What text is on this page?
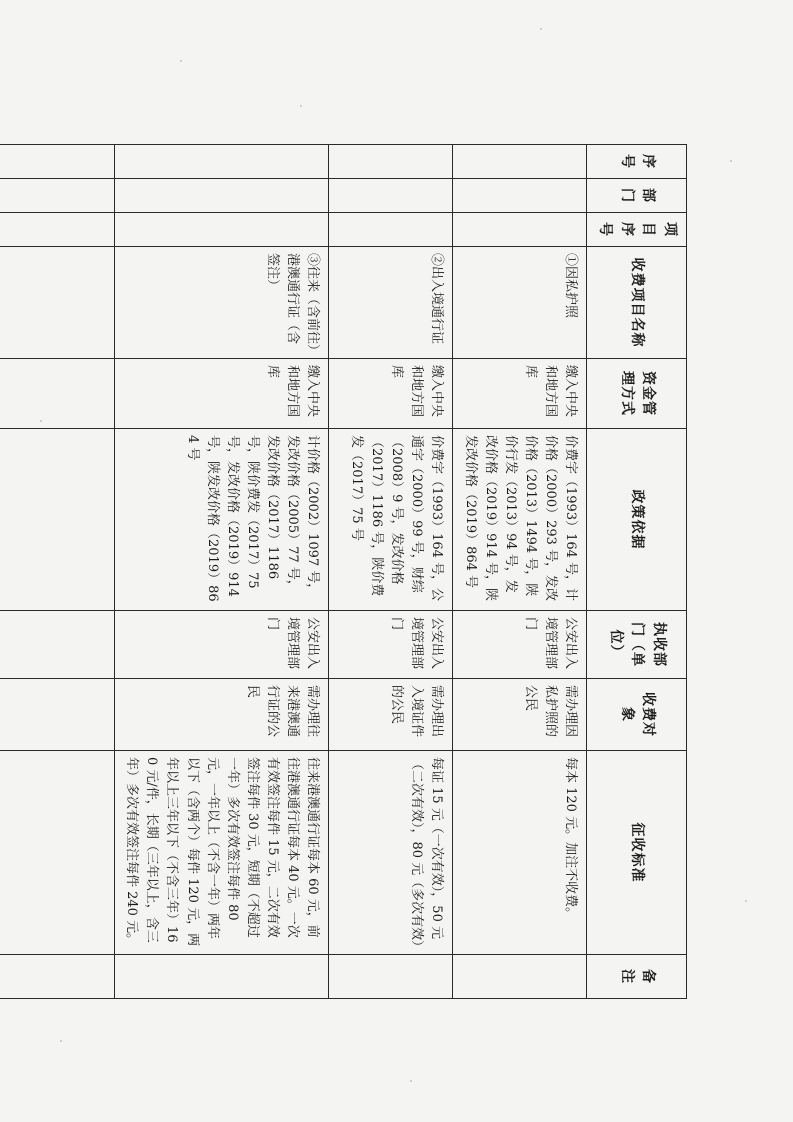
序号	部门	项目序号	收费项目名称	资金管理方式	政策依据	执收部门（单位）	收费对象	征收标准	备 注
			①因私护照	缴入中央和地方国库	价费字（1993）164 号，计价格（2000）293 号，发改价格（2013）1494 号，陕价行发（2013）94 号，发改价格（2019）914 号，陕发改价格（2019）864 号	公安出入境管理部门	需办理因私护照的公民	每本 120 元。加注不收费。	
			②出入境通行证	缴入中央和地方国库	价费字（1993）164 号，公通字（2000）99 号，财综（2008）9 号，发改价格（2017）1186 号，陕价费发（2017）75 号	公安出入境管理部门	需办理出入境证件的公民	每证 15 元（一次有效），50 元（二次有效），80 元（多次有效）	
			③往来（含前往）港澳通行证（含签注）	缴入中央和地方国库	计价格（2002）1097 号，发改价格（2005）77 号，发改价格（2017）1186 号，陕价费发（2017）75 号，发改价格（2019）914 号，陕发改价格（2019）864 号	公安出入境管理部门	需办理往来港澳通行证的公民	往来港澳通行证每本 60 元，前往港澳通行证每本 40 元。一次有效签注每件 15 元，二次有效签注每件 30 元，短期（不超过一年）多次有效签注每件 80 元，一年以上（不含一年）两年以下（含两个）每件 120 元，两年以上三年以下（不含三年）160 元/件，长期（三年以上，含三年）多次有效签注每件 240 元。	
